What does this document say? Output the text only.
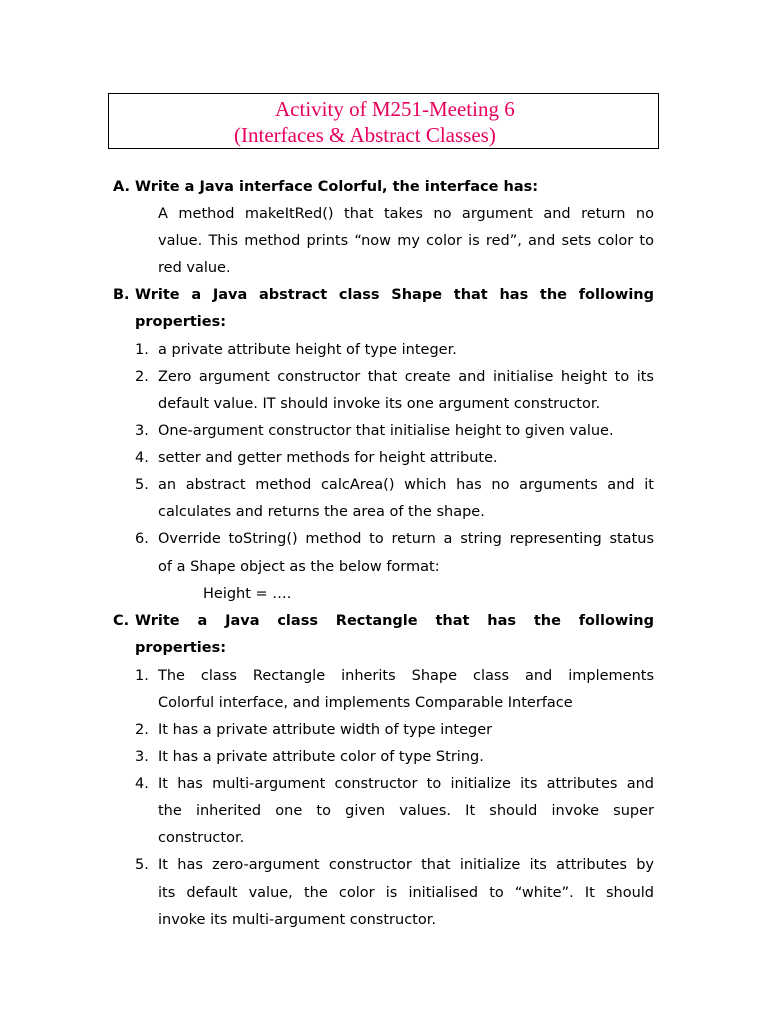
Activity of M251-Meeting 6
(Interfaces & Abstract Classes)
A. Write a Java interface Colorful, the interface has:
A method makeItRed() that takes no argument and return no
value. This method prints “now my color is red”, and sets color to
red value.
B. Write a Java abstract class Shape that has the following
properties:
1. a private attribute height of type integer.
2. Zero argument constructor that create and initialise height to its
default value. IT should invoke its one argument constructor.
3. One-argument constructor that initialise height to given value.
4. setter and getter methods for height attribute.
5. an abstract method calcArea() which has no arguments and it
calculates and returns the area of the shape.
6. Override toString() method to return a string representing status
of a Shape object as the below format:
Height = ….
C. Write a Java class Rectangle that has the following
properties:
1. The class Rectangle inherits Shape class and implements
Colorful interface, and implements Comparable Interface
2. It has a private attribute width of type integer
3. It has a private attribute color of type String.
4. It has multi-argument constructor to initialize its attributes and
the inherited one to given values. It should invoke super
constructor.
5. It has zero-argument constructor that initialize its attributes by
its default value, the color is initialised to “white”. It should
invoke its multi-argument constructor.
